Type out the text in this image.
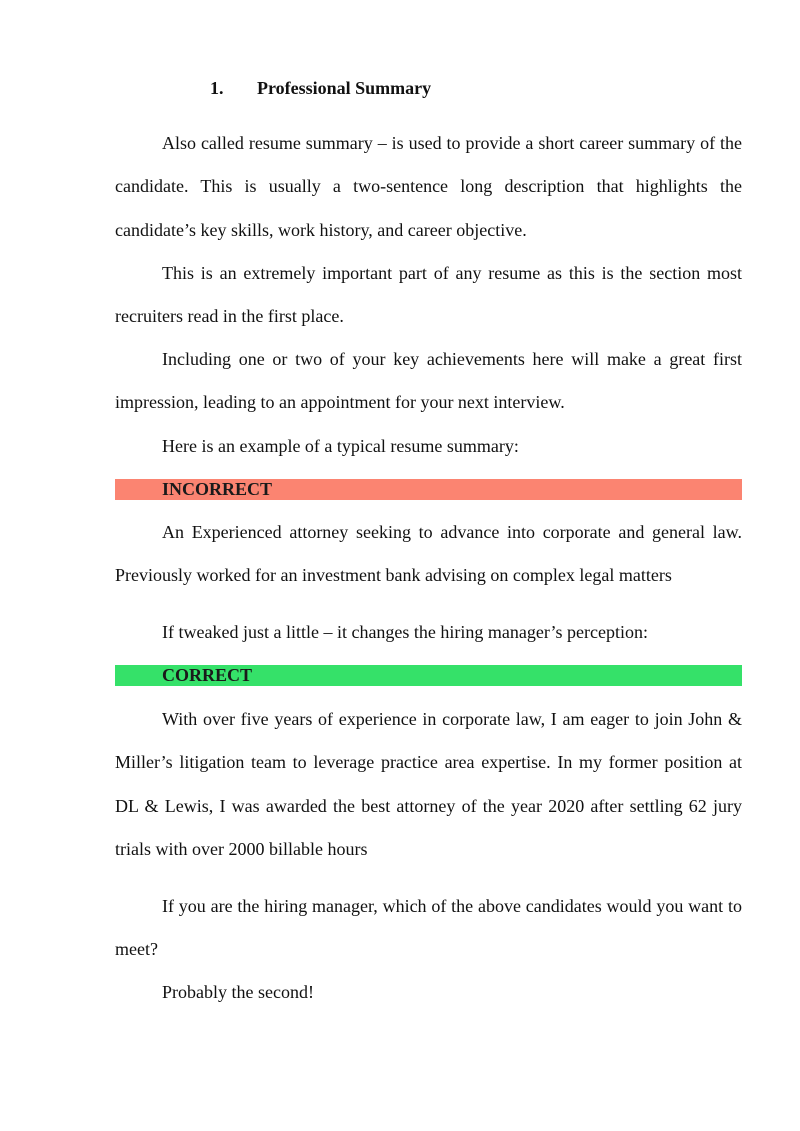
1. Professional Summary

Also called resume summary – is used to provide a short career summary of the candidate. This is usually a two-sentence long description that highlights the candidate’s key skills, work history, and career objective.

This is an extremely important part of any resume as this is the section most recruiters read in the first place.

Including one or two of your key achievements here will make a great first impression, leading to an appointment for your next interview.

Here is an example of a typical resume summary:

INCORRECT

An Experienced attorney seeking to advance into corporate and general law. Previously worked for an investment bank advising on complex legal matters

If tweaked just a little – it changes the hiring manager’s perception:

CORRECT

With over five years of experience in corporate law, I am eager to join John & Miller’s litigation team to leverage practice area expertise. In my former position at DL & Lewis, I was awarded the best attorney of the year 2020 after settling 62 jury trials with over 2000 billable hours

If you are the hiring manager, which of the above candidates would you want to meet?

Probably the second!
